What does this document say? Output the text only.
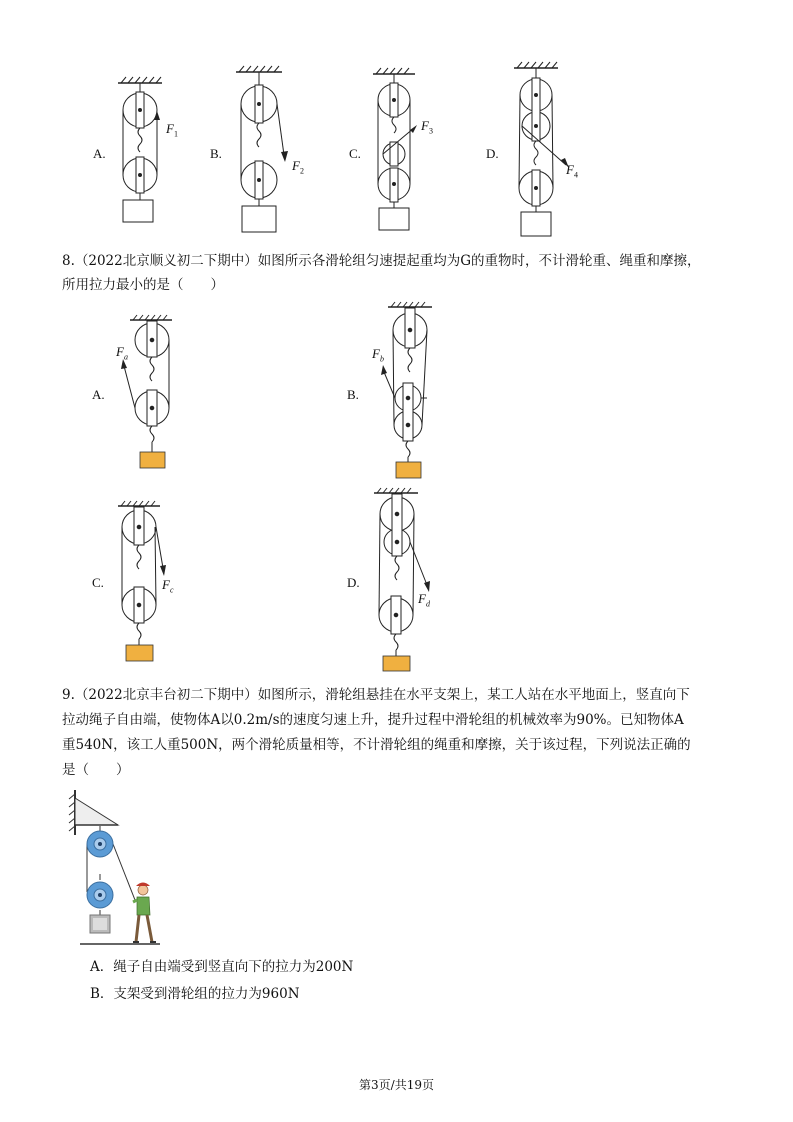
A.	B.	C.	D.
$F_1$
$F_2$
$F_3$
$F_4$
8.（2022北京顺义初二下期中）如图所示各滑轮组匀速提起重均为G的重物时，不计滑轮重、绳重和摩擦，
所用拉力最小的是（　　）
A.	B.
C.	D.
$F_a$	$F_b$
$F_c$
$F_d$
9.（2022北京丰台初二下期中）如图所示，滑轮组悬挂在水平支架上，某工人站在水平地面上，竖直向下
拉动绳子自由端，使物体A以0.2m/s的速度匀速上升，提升过程中滑轮组的机械效率为90%。已知物体A
重540N，该工人重500N，两个滑轮质量相等，不计滑轮组的绳重和摩擦，关于该过程，下列说法正确的
是（　　）
A．绳子自由端受到竖直向下的拉力为200N
B．支架受到滑轮组的拉力为960N
第3页/共19页
